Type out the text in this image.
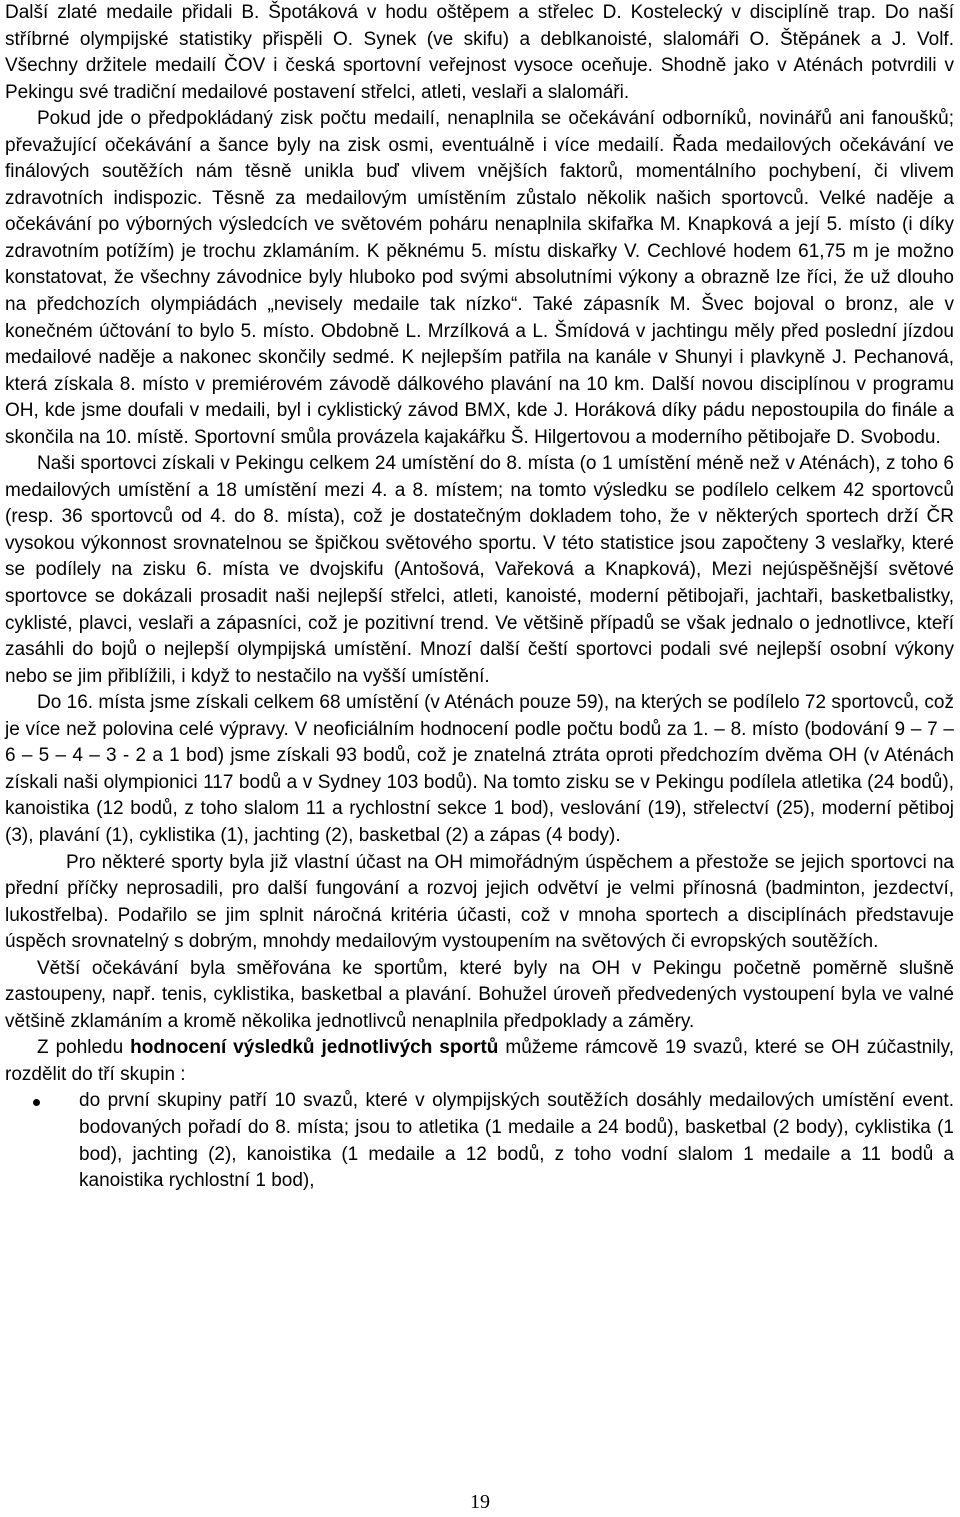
Další zlaté medaile přidali B. Špotáková v hodu oštěpem a střelec D. Kostelecký v disciplíně trap. Do naší stříbrné olympijské statistiky přispěli O. Synek (ve skifu) a deblkanoisté, slalomáři O. Štěpánek a J. Volf. Všechny držitele medailí ČOV i česká sportovní veřejnost vysoce oceňuje. Shodně jako v Aténách potvrdili v Pekingu své tradiční medailové postavení střelci, atleti, veslaři a slalomáři.

Pokud jde o předpokládaný zisk počtu medailí, nenaplnila se očekávání odborníků, novinářů ani fanoušků; převažující očekávání a šance byly na zisk osmi, eventuálně i více medailí. Řada medailových očekávání ve finálových soutěžích nám těsně unikla buď vlivem vnějších faktorů, momentálního pochybení, či vlivem zdravotních indispozic. Těsně za medailovým umístěním zůstalo několik našich sportovců. Velké naděje a očekávání po výborných výsledcích ve světovém poháru nenaplnila skifařka M. Knapková a její 5. místo (i díky zdravotním potížím) je trochu zklamáním. K pěknému 5. místu diskařky V. Cechlové hodem 61,75 m je možno konstatovat, že všechny závodnice byly hluboko pod svými absolutními výkony a obrazně lze říci, že už dlouho na předchozích olympiádách „nevisely medaile tak nízko“. Také zápasník M. Švec bojoval o bronz, ale v konečném účtování to bylo 5. místo. Obdobně L. Mrzílková a L. Šmídová v jachtingu měly před poslední jízdou medailové naděje a nakonec skončily sedmé. K nejlepším patřila na kanále v Shunyi i plavkyně J. Pechanová, která získala 8. místo v premiérovém závodě dálkového plavání na 10 km. Další novou disciplínou v programu OH, kde jsme doufali v medaili, byl i cyklistický závod BMX, kde J. Horáková díky pádu nepostoupila do finále a skončila na 10. místě. Sportovní smůla provázela kajakářku Š. Hilgertovou a moderního pětibojaře D. Svobodu.

Naši sportovci získali v Pekingu celkem 24 umístění do 8. místa (o 1 umístění méně než v Aténách), z toho 6 medailových umístění a 18 umístění mezi 4. a 8. místem; na tomto výsledku se podílelo celkem 42 sportovců (resp. 36 sportovců od 4. do 8. místa), což je dostatečným dokladem toho, že v některých sportech drží ČR vysokou výkonnost srovnatelnou se špičkou světového sportu. V této statistice jsou započteny 3 veslařky, které se podílely na zisku 6. místa ve dvojskifu (Antošová, Vařeková a Knapková), Mezi nejúspěšnější světové sportovce se dokázali prosadit naši nejlepší střelci, atleti, kanoisté, moderní pětibojaři, jachtaři, basketbalistky, cyklisté, plavci, veslaři a zápasníci, což je pozitivní trend. Ve většině případů se však jednalo o jednotlivce, kteří zasáhli do bojů o nejlepší olympijská umístění. Mnozí další čeští sportovci podali své nejlepší osobní výkony nebo se jim přiblížili, i když to nestačilo na vyšší umístění.

Do 16. místa jsme získali celkem 68 umístění (v Aténách pouze 59), na kterých se podílelo 72 sportovců, což je více než polovina celé výpravy. V neoficiálním hodnocení podle počtu bodů za 1. – 8. místo (bodování 9 – 7 – 6 – 5 – 4 – 3 - 2 a 1 bod) jsme získali 93 bodů, což je znatelná ztráta oproti předchozím dvěma OH (v Aténách získali naši olympionici 117 bodů a v Sydney 103 bodů). Na tomto zisku se v Pekingu podílela atletika (24 bodů), kanoistika (12 bodů, z toho slalom 11 a rychlostní sekce 1 bod), veslování (19), střelectví (25), moderní pětiboj (3), plavání (1), cyklistika (1), jachting (2), basketbal (2) a zápas (4 body).

Pro některé sporty byla již vlastní účast na OH mimořádným úspěchem a přestože se jejich sportovci na přední příčky neprosadili, pro další fungování a rozvoj jejich odvětví je velmi přínosná (badminton, jezdectví, lukostřelba). Podařilo se jim splnit náročná kritéria účasti, což v mnoha sportech a disciplínách představuje úspěch srovnatelný s dobrým, mnohdy medailovým vystoupením na světových či evropských soutěžích.

Větší očekávání byla směřována ke sportům, které byly na OH v Pekingu početně poměrně slušně zastoupeny, např. tenis, cyklistika, basketbal a plavání. Bohužel úroveň předvedených vystoupení byla ve valné většině zklamáním a kromě několika jednotlivců nenaplnila předpoklady a záměry.

Z pohledu hodnocení výsledků jednotlivých sportů můžeme rámcově 19 svazů, které se OH zúčastnily, rozdělit do tří skupin :

do první skupiny patří 10 svazů, které v olympijských soutěžích dosáhly medailových umístění event. bodovaných pořadí do 8. místa; jsou to atletika (1 medaile a 24 bodů), basketbal (2 body), cyklistika (1 bod), jachting (2), kanoistika (1 medaile a 12 bodů, z toho vodní slalom 1 medaile a 11 bodů a kanoistika rychlostní 1 bod),
19
